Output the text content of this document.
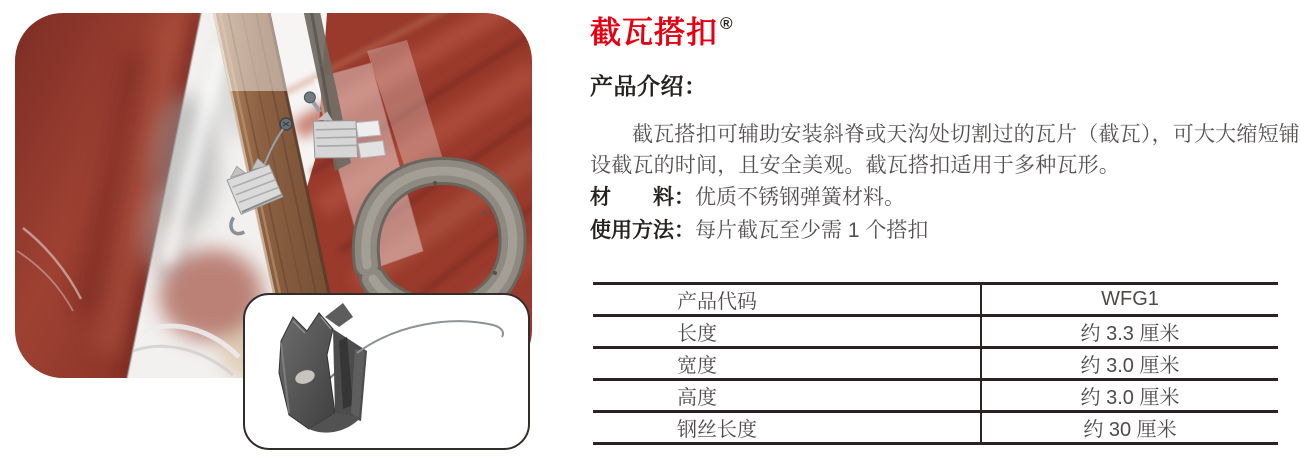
截瓦搭扣 ®
产品介绍：

截瓦搭扣可辅助安装斜脊或天沟处切割过的瓦片（截瓦），可大大缩短铺设截瓦的时间，且安全美观。截瓦搭扣适用于多种瓦形。

材　　料：优质不锈钢弹簧材料。
使用方法：每片截瓦至少需 1 个搭扣
产品代码	WFG1
长度	约 3.3 厘米
宽度	约 3.0 厘米
高度	约 3.0 厘米
钢丝长度	约 30 厘米
